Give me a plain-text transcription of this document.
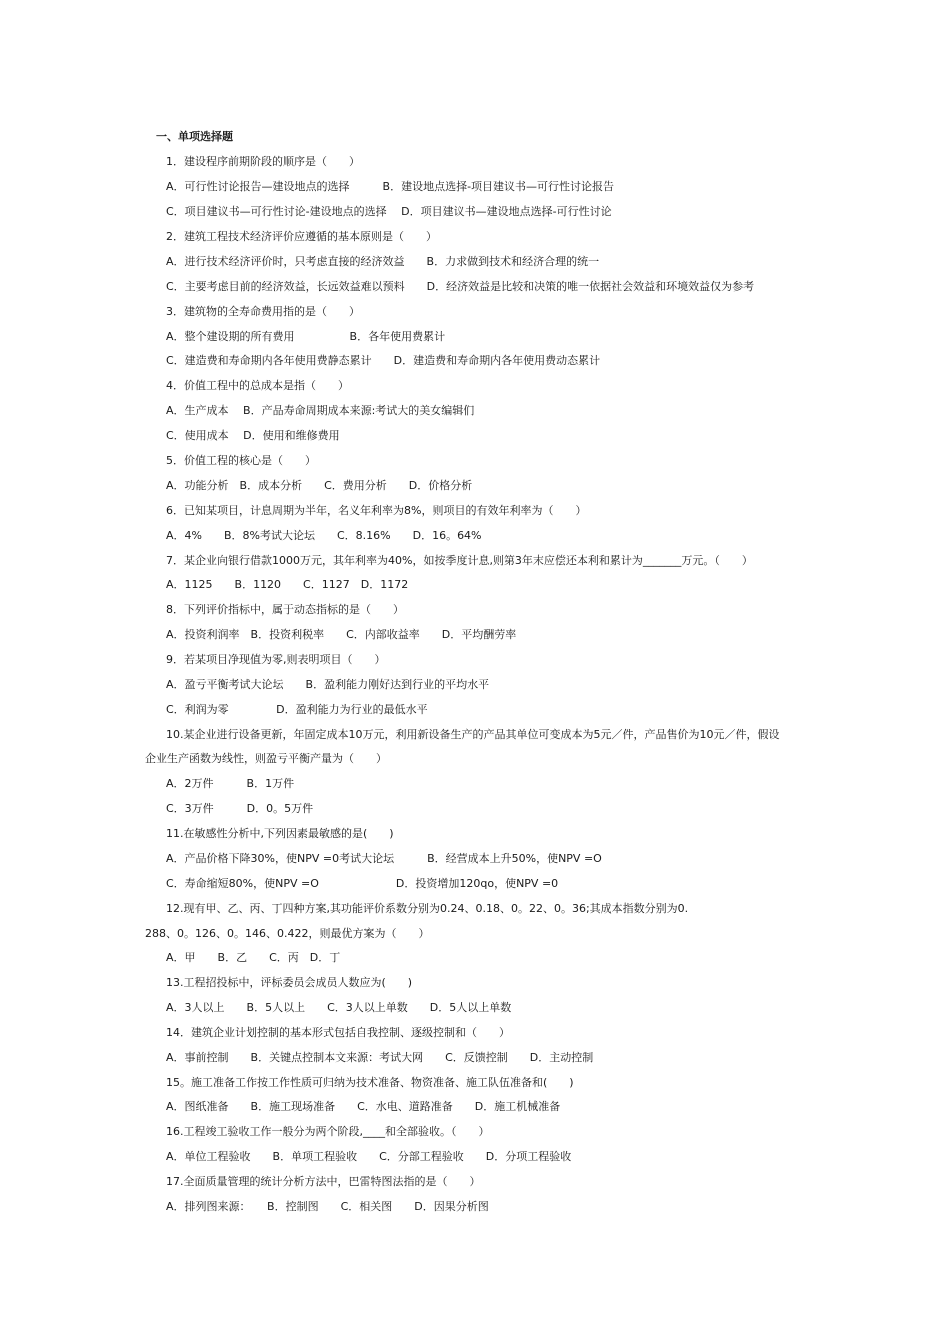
一、单项选择题
1．建设程序前期阶段的顺序是（　　）
A．可行性讨论报告—建设地点的选择　　　B．建设地点选择-项目建议书—可行性讨论报告
C．项目建议书—可行性讨论-建设地点的选择　 D．项目建议书—建设地点选择-可行性讨论
2．建筑工程技术经济评价应遵循的基本原则是（　　）
A．进行技术经济评价时，只考虑直接的经济效益　　B．力求做到技术和经济合理的统一
C．主要考虑目前的经济效益，长远效益难以预料　　D．经济效益是比较和决策的唯一依据社会效益和环境效益仅为参考
3．建筑物的全寿命费用指的是（　　）
A．整个建设期的所有费用　　　　　B．各年使用费累计
C．建造费和寿命期内各年使用费静态累计　　D．建造费和寿命期内各年使用费动态累计
4．价值工程中的总成本是指（　　）
A．生产成本　 B．产品寿命周期成本来源:考试大的美女编辑们
C．使用成本　 D．使用和维修费用
5．价值工程的核心是（　　）
A．功能分析　B．成本分析　　C．费用分析　　D．价格分析
6．已知某项目，计息周期为半年，名义年利率为8%，则项目的有效年利率为（　　）
A．4%　　B．8%考试大论坛　　C．8.16%　　D．16。64%
7．某企业向银行借款1000万元，其年利率为40%，如按季度计息,则第3年末应偿还本利和累计为_______万元。（　　）
A．1125　　B．1120　　C．1127　D．1172
8．下列评价指标中，属于动态指标的是（　　）
A．投资利润率　B．投资利税率　　C．内部收益率　　D．平均酬劳率
9．若某项目净现值为零,则表明项目（　　）
A．盈亏平衡考试大论坛　　B．盈利能力刚好达到行业的平均水平
C．利润为零　　　　 D．盈利能力为行业的最低水平
10.某企业进行设备更新，年固定成本10万元，利用新设备生产的产品其单位可变成本为5元／件，产品售价为10元／件，假设
企业生产函数为线性，则盈亏平衡产量为（　　）
A．2万件　　　B．1万件
C．3万件　　　D．0。5万件
11.在敏感性分析中,下列因素最敏感的是(　　)
A．产品价格下降30%，使NPV =0考试大论坛　　　B．经营成本上升50%，使NPV =O
C．寿命缩短80%，使NPV =O　　　　　　　D．投资增加120qo，使NPV =0
12.现有甲、乙、丙、丁四种方案,其功能评价系数分别为0.24、0.18、0。22、0。36;其成本指数分别为0.
288、0。126、0。146、0.422，则最优方案为（　　）
A．甲　　B．乙　　C．丙　D．丁
13.工程招投标中，评标委员会成员人数应为(　　)
A．3人以上　　B．5人以上　　C．3人以上单数　　D．5人以上单数
14．建筑企业计划控制的基本形式包括自我控制、逐级控制和（　　）
A．事前控制　　B．关键点控制本文来源：考试大网　　C．反馈控制　　D．主动控制
15。施工准备工作按工作性质可归纳为技术准备、物资准备、施工队伍准备和(　　)
A．图纸准备　　B．施工现场准备　　C．水电、道路准备　　D．施工机械准备
16.工程竣工验收工作一般分为两个阶段,____和全部验收。（　　）
A．单位工程验收　　B．单项工程验收　　C．分部工程验收　　D．分项工程验收
17.全面质量管理的统计分析方法中，巴雷特图法指的是（　　）
A．排列图来源：　　B．控制图　　C．相关图　　D．因果分析图
